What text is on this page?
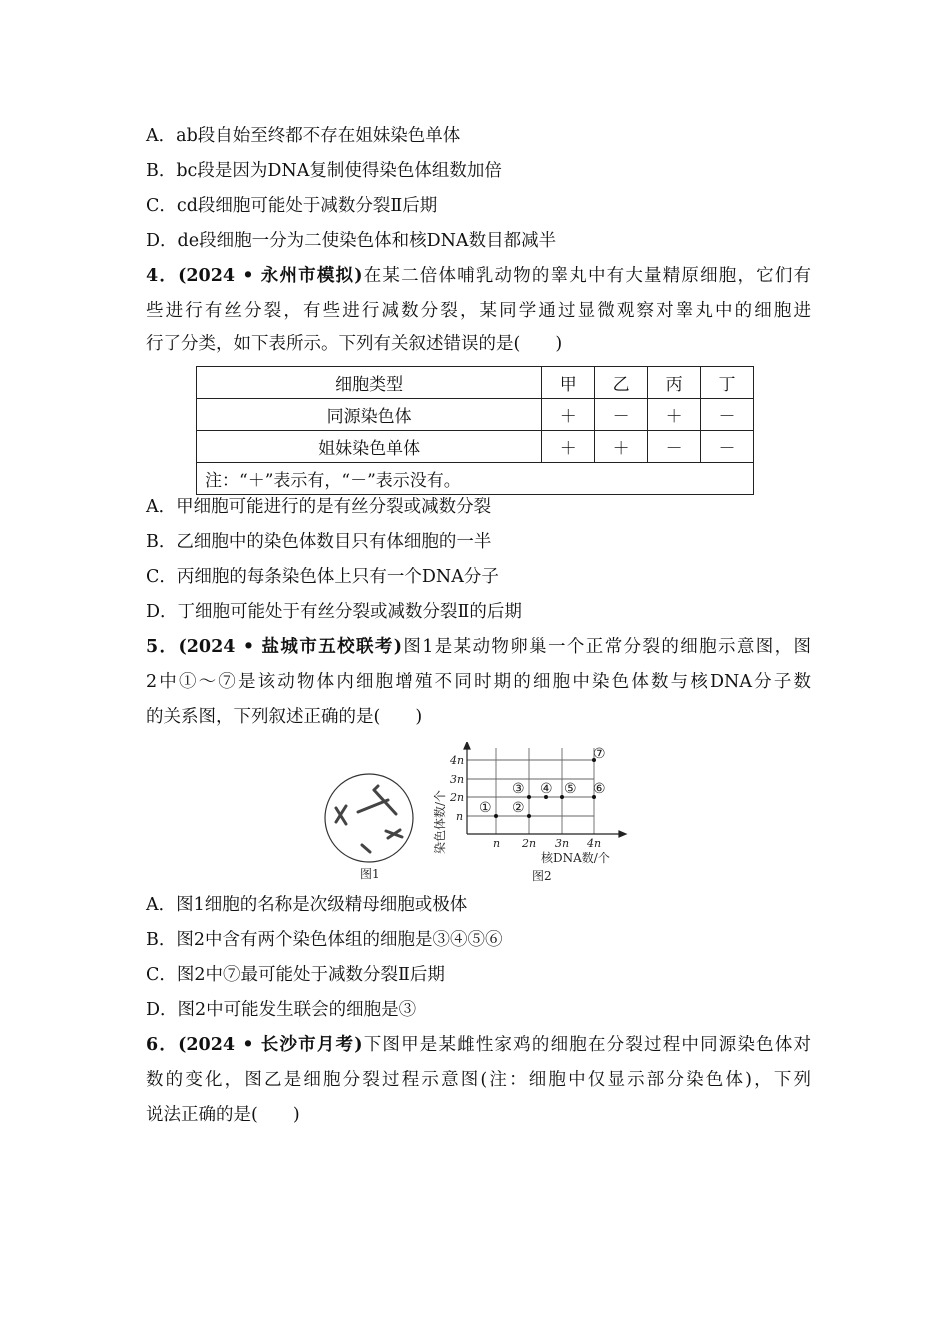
A．ab段自始至终都不存在姐妹染色单体
B．bc段是因为DNA复制使得染色体组数加倍
C．cd段细胞可能处于减数分裂Ⅱ后期
D．de段细胞一分为二使染色体和核DNA数目都减半
4．(2024 • 永州市模拟)在某二倍体哺乳动物的睾丸中有大量精原细胞，它们有
些进行有丝分裂，有些进行减数分裂，某同学通过显微观察对睾丸中的细胞进
行了分类，如下表所示。下列有关叙述错误的是(　　)
细胞类型	甲	乙	丙	丁
同源染色体	＋	－	＋	－
姐妹染色单体	＋	＋	－	－
注：“＋”表示有，“－”表示没有。				
A．甲细胞可能进行的是有丝分裂或减数分裂
B．乙细胞中的染色体数目只有体细胞的一半
C．丙细胞的每条染色体上只有一个DNA分子
D．丁细胞可能处于有丝分裂或减数分裂Ⅱ的后期
5．(2024 • 盐城市五校联考)图1是某动物卵巢一个正常分裂的细胞示意图，图
2中①～⑦是该动物体内细胞增殖不同时期的细胞中染色体数与核DNA分子数
的关系图，下列叙述正确的是(　　)
图1
染色体数/个
核DNA数/个
4n
3n
2n
n
n 2n 3n 4n
① ②
③ ④ ⑤ ⑥
⑦
图2
A．图1细胞的名称是次级精母细胞或极体
B．图2中含有两个染色体组的细胞是③④⑤⑥
C．图2中⑦最可能处于减数分裂Ⅱ后期
D．图2中可能发生联会的细胞是③
6．(2024 • 长沙市月考)下图甲是某雌性家鸡的细胞在分裂过程中同源染色体对
数的变化，图乙是细胞分裂过程示意图(注：细胞中仅显示部分染色体)，下列
说法正确的是(　　)
